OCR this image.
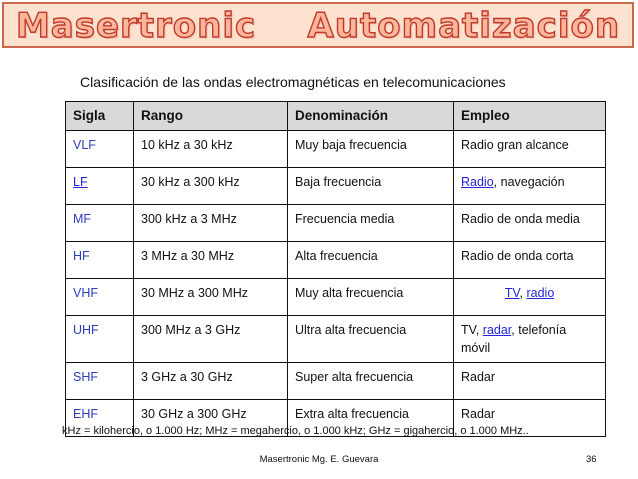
Masertronic    Automatización
Clasificación de las ondas electromagnéticas en telecomunicaciones
Sigla	Rango	Denominación	Empleo
VLF	10 kHz a 30 kHz	Muy baja frecuencia	Radio gran alcance
LF	30 kHz a 300 kHz	Baja frecuencia	Radio, navegación
MF	300 kHz a 3 MHz	Frecuencia media	Radio de onda media
HF	3 MHz a 30 MHz	Alta frecuencia	Radio de onda corta
VHF	30 MHz a 300 MHz	Muy alta frecuencia	TV, radio
UHF	300 MHz a 3 GHz	Ultra alta frecuencia	TV, radar, telefonía móvil
SHF	3 GHz a 30 GHz	Super alta frecuencia	Radar
EHF	30 GHz a 300 GHz	Extra alta frecuencia	Radar
kHz = kilohercio, o 1.000 Hz; MHz = megahercio, o 1.000 kHz; GHz = gigahercio, o 1.000 MHz..
Masertronic Mg. E. Guevara	36
